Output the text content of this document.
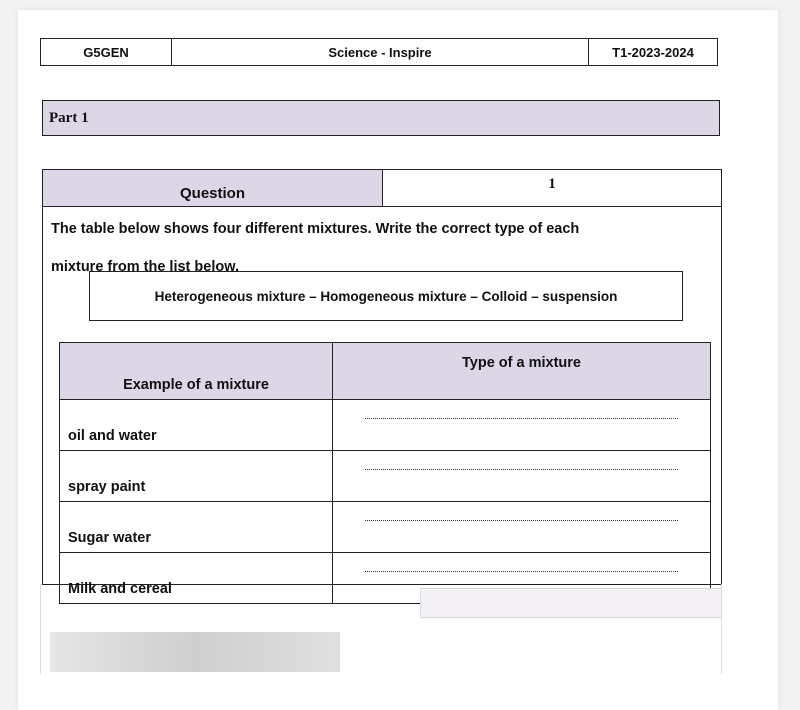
G5GEN	Science - Inspire	T1-2023-2024
Part 1
Question
1
The table below shows four different mixtures. Write the correct type of each
mixture from the list below.
Heterogeneous mixture – Homogeneous mixture – Colloid – suspension
Example of a mixture	Type of a mixture
oil and water	

spray paint	

Sugar water	

Milk and cereal	
